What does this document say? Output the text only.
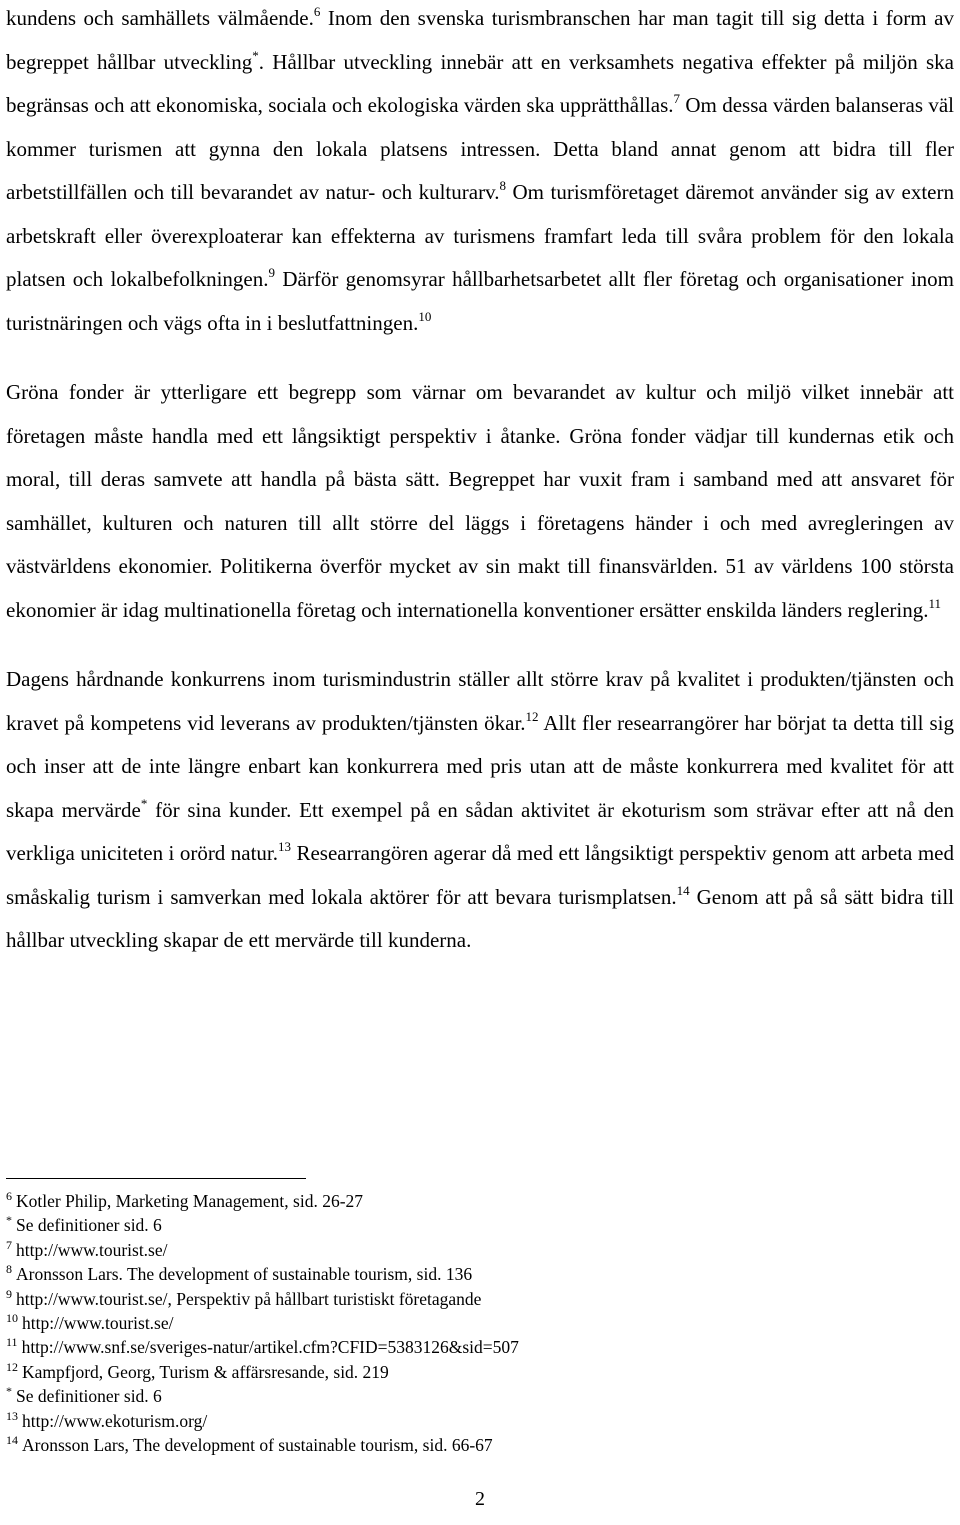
kundens och samhällets välmående.$^6$ Inom den svenska turismbranschen har man tagit till sig detta i form av begreppet hållbar utveckling*. Hållbar utveckling innebär att en verksamhets negativa effekter på miljön ska begränsas och att ekonomiska, sociala och ekologiska värden ska upprätthållas.$^7$ Om dessa värden balanseras väl kommer turismen att gynna den lokala platsens intressen. Detta bland annat genom att bidra till fler arbetstillfällen och till bevarandet av natur- och kulturarv.$^8$ Om turismföretaget däremot använder sig av extern arbetskraft eller överexploaterar kan effekterna av turismens framfart leda till svåra problem för den lokala platsen och lokalbefolkningen.$^9$ Därför genomsyrar hållbarhetsarbetet allt fler företag och organisationer inom turistnäringen och vägs ofta in i beslutfattningen.$^{10}$

Gröna fonder är ytterligare ett begrepp som värnar om bevarandet av kultur och miljö vilket innebär att företagen måste handla med ett långsiktigt perspektiv i åtanke. Gröna fonder vädjar till kundernas etik och moral, till deras samvete att handla på bästa sätt. Begreppet har vuxit fram i samband med att ansvaret för samhället, kulturen och naturen till allt större del läggs i företagens händer i och med avregleringen av västvärldens ekonomier. Politikerna överför mycket av sin makt till finansvärlden. 51 av världens 100 största ekonomier är idag multinationella företag och internationella konventioner ersätter enskilda länders reglering.$^{11}$

Dagens hårdnande konkurrens inom turismindustrin ställer allt större krav på kvalitet i produkten/tjänsten och kravet på kompetens vid leverans av produkten/tjänsten ökar.$^{12}$ Allt fler researrangörer har börjat ta detta till sig och inser att de inte längre enbart kan konkurrera med pris utan att de måste konkurrera med kvalitet för att skapa mervärde* för sina kunder. Ett exempel på en sådan aktivitet är ekoturism som strävar efter att nå den verkliga uniciteten i orörd natur.$^{13}$ Researrangören agerar då med ett långsiktigt perspektiv genom att arbeta med småskalig turism i samverkan med lokala aktörer för att bevara turismplatsen.$^{14}$ Genom att på så sätt bidra till hållbar utveckling skapar de ett mervärde till kunderna.

$^6$ Kotler Philip, Marketing Management, sid. 26-27
* Se definitioner sid. 6
$^7$ http://www.tourist.se/
$^8$ Aronsson Lars. The development of sustainable tourism, sid. 136
$^9$ http://www.tourist.se/, Perspektiv på hållbart turistiskt företagande
$^{10}$ http://www.tourist.se/
$^{11}$ http://www.snf.se/sveriges-natur/artikel.cfm?CFID=5383126&sid=507
$^{12}$ Kampfjord, Georg, Turism & affärsresande, sid. 219
* Se definitioner sid. 6
$^{13}$ http://www.ekoturism.org/
$^{14}$ Aronsson Lars, The development of sustainable tourism, sid. 66-67
2
